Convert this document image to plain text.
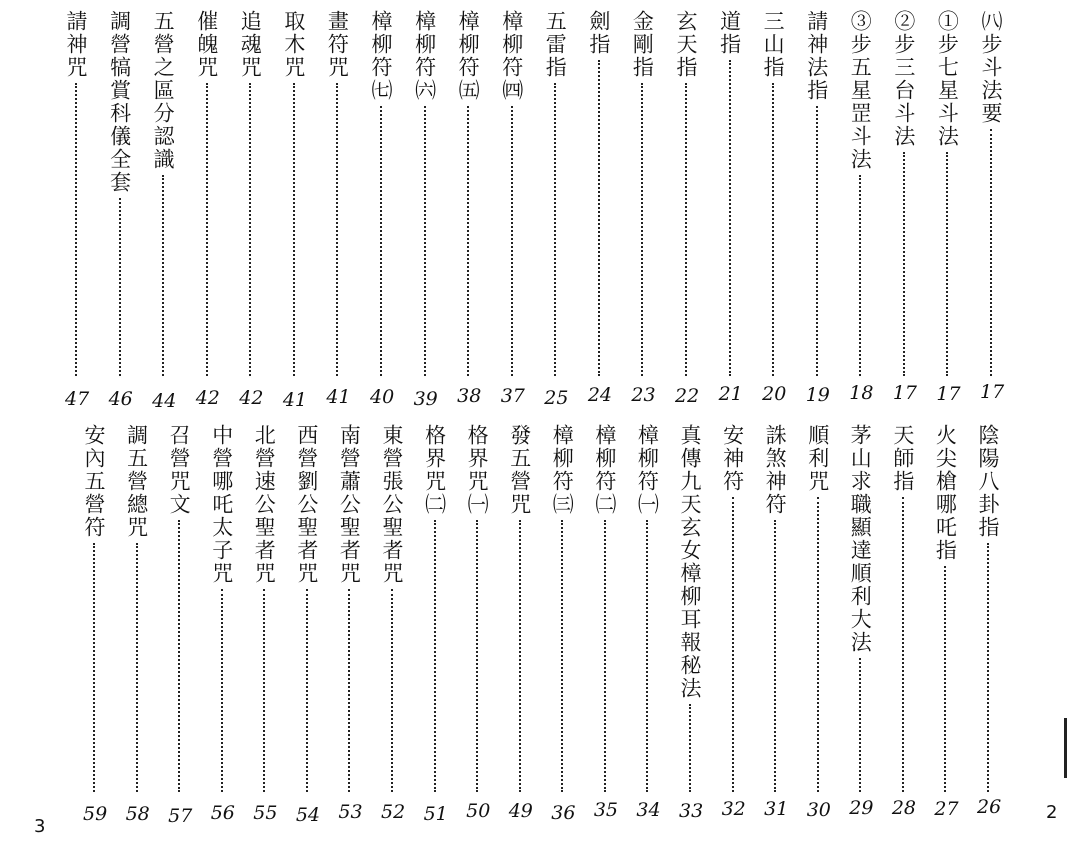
㈧步斗法要
17
①步七星斗法
17
②步三台斗法
17
③步五星罡斗法
18
請神法指
19
三山指
20
道指
21
玄天指
22
金剛指
23
劍指
24
五雷指
25
樟柳符㈣
37
樟柳符㈤
38
樟柳符㈥
39
樟柳符㈦
40
畫符咒
41
取木咒
41
追魂咒
42
催魄咒
42
五營之區分認識
44
調營犒賞科儀全套
46
請神咒
47
陰陽八卦指
26
火尖槍哪吒指
27
天師指
28
茅山求職顯達順利大法
29
順利咒
30
誅煞神符
31
安神符
32
真傳九天玄女樟柳耳報秘法
33
樟柳符㈠
34
樟柳符㈡
35
樟柳符㈢
36
發五營咒
49
格界咒㈠
50
格界咒㈡
51
東營張公聖者咒
52
南營蕭公聖者咒
53
西營劉公聖者咒
54
北營速公聖者咒
55
中營哪吒太子咒
56
召營咒文
57
調五營總咒
58
安內五營符
59
3
2
